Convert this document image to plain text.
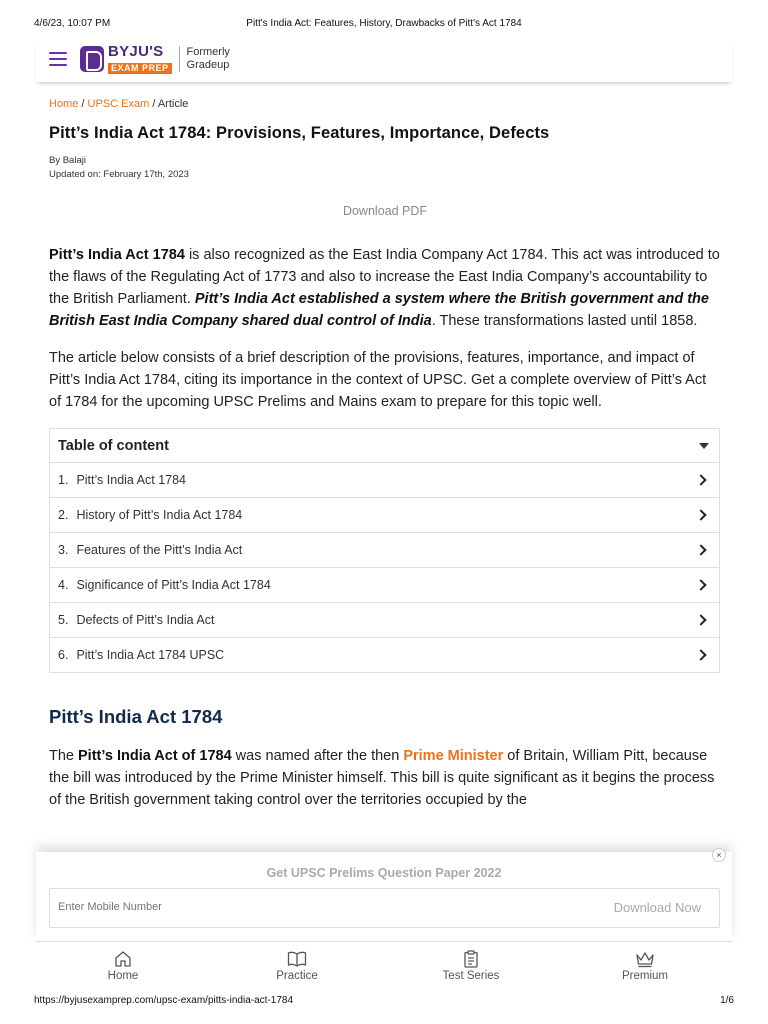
4/6/23, 10:07 PM	Pitt's India Act: Features, History, Drawbacks of Pitt's Act 1784
BYJU'S
EXAM PREP
Formerly
Gradeup
Home / UPSC Exam / Article
Pitt’s India Act 1784: Provisions, Features, Importance, Defects
By Balaji
Updated on: February 17th, 2023
Download PDF

Pitt’s India Act 1784 is also recognized as the East India Company Act 1784. This act was introduced to the flaws of the Regulating Act of 1773 and also to increase the East India Company’s accountability to the British Parliament. Pitt’s India Act established a system where the British government and the British East India Company shared dual control of India. These transformations lasted until 1858.

The article below consists of a brief description of the provisions, features, importance, and impact of Pitt’s India Act 1784, citing its importance in the context of UPSC. Get a complete overview of Pitt’s Act of 1784 for the upcoming UPSC Prelims and Mains exam to prepare for this topic well.

Table of content
1. Pitt’s India Act 1784
2. History of Pitt’s India Act 1784
3. Features of the Pitt’s India Act
4. Significance of Pitt’s India Act 1784
5. Defects of Pitt’s India Act
6. Pitt’s India Act 1784 UPSC
Pitt’s India Act 1784

The Pitt’s India Act of 1784 was named after the then Prime Minister of Britain, William Pitt, because the bill was introduced by the Prime Minister himself. This bill is quite significant as it begins the process of the British government taking control over the territories occupied by the

×
Get UPSC Prelims Question Paper 2022
Enter Mobile Number
Download Now
Home	Practice	Test Series	Premium
https://byjusexamprep.com/upsc-exam/pitts-india-act-1784	1/6
